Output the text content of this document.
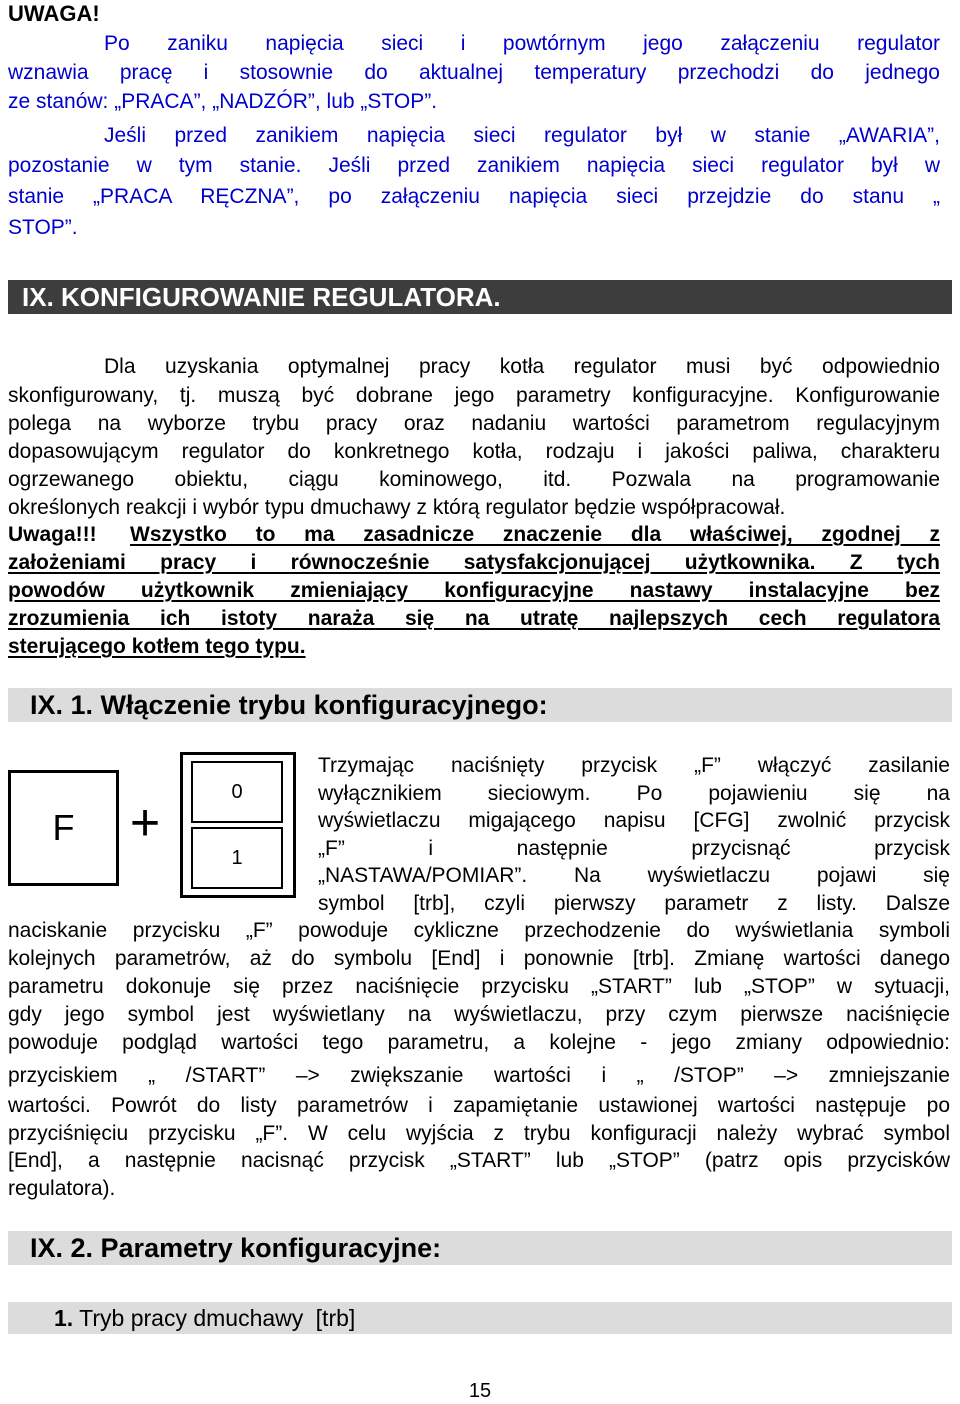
UWAGA!
Po zaniku napięcia sieci i powtórnym jego załączeniu regulator
wznawia pracę i stosownie do aktualnej temperatury przechodzi do jednego
ze stanów: „PRACA”, „NADZÓR”, lub „STOP”.
Jeśli przed zanikiem napięcia sieci regulator był w stanie „AWARIA”,
pozostanie w tym stanie. Jeśli przed zanikiem napięcia sieci regulator był w
stanie „PRACA RĘCZNA”, po załączeniu napięcia sieci przejdzie do stanu „
STOP”.
IX. KONFIGUROWANIE REGULATORA.
Dla uzyskania optymalnej pracy kotła regulator musi być odpowiednio
skonfigurowany, tj. muszą być dobrane jego parametry konfiguracyjne. Konfigurowanie
polega na wyborze trybu pracy oraz nadaniu wartości parametrom regulacyjnym
dopasowującym regulator do konkretnego kotła, rodzaju i jakości paliwa, charakteru
ogrzewanego obiektu, ciągu kominowego, itd. Pozwala na programowanie
określonych reakcji i wybór typu dmuchawy z którą regulator będzie współpracował.
Uwaga!!! Wszystko to ma zasadnicze znaczenie dla właściwej, zgodnej z
założeniami pracy i równocześnie satysfakcjonującej użytkownika. Z tych
powodów użytkownik zmieniający konfiguracyjne nastawy instalacyjne bez
zrozumienia ich istoty naraża się na utratę najlepszych cech regulatora
sterującego kotłem tego typu.
IX. 1. Włączenie trybu konfiguracyjnego:
F +
0
1
Trzymając naciśnięty przycisk „F” włączyć zasilanie
wyłącznikiem sieciowym. Po pojawieniu się na
wyświetlaczu migającego napisu [CFG] zwolnić przycisk
„F” i następnie przycisnąć przycisk
„NASTAWA/POMIAR”. Na wyświetlaczu pojawi się
symbol [trb], czyli pierwszy parametr z listy. Dalsze
naciskanie przycisku „F” powoduje cykliczne przechodzenie do wyświetlania symboli
kolejnych parametrów, aż do symbolu [End] i ponownie [trb]. Zmianę wartości danego
parametru dokonuje się przez naciśnięcie przycisku „START” lub „STOP” w sytuacji,
gdy jego symbol jest wyświetlany na wyświetlaczu, przy czym pierwsze naciśnięcie
powoduje podgląd wartości tego parametru, a kolejne - jego zmiany odpowiednio:
przyciskiem „ /START” –> zwiększanie wartości i „ /STOP” –> zmniejszanie
wartości. Powrót do listy parametrów i zapamiętanie ustawionej wartości następuje po
przyciśnięciu przycisku „F”. W celu wyjścia z trybu konfiguracji należy wybrać symbol
[End], a następnie nacisnąć przycisk „START” lub „STOP” (patrz opis przycisków
regulatora).
IX. 2. Parametry konfiguracyjne:
1. Tryb pracy dmuchawy [trb]
15
